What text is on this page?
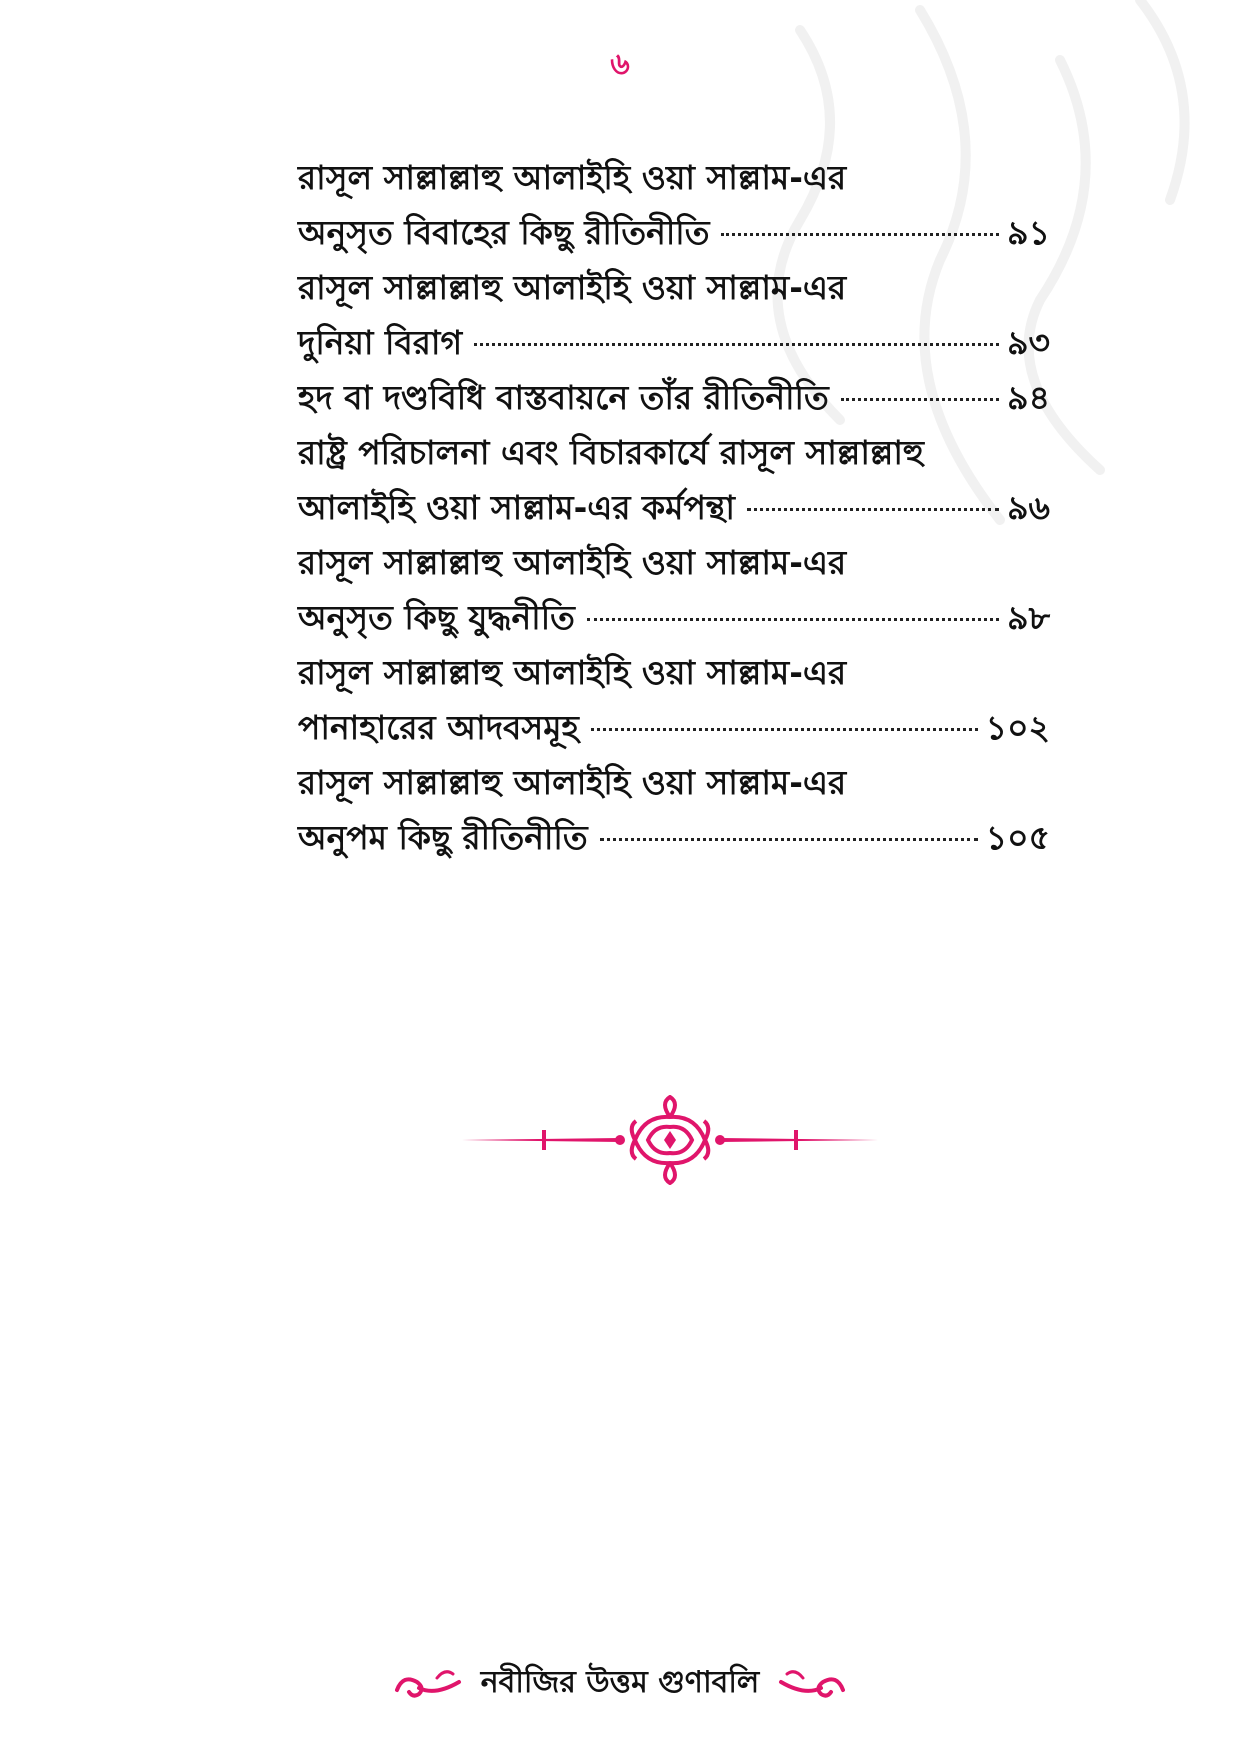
৬
রাসূল সাল্লাল্লাহু আলাইহি ওয়া সাল্লাম-এর
অনুসৃত বিবাহের কিছু রীতিনীতি	৯১
রাসূল সাল্লাল্লাহু আলাইহি ওয়া সাল্লাম-এর
দুনিয়া বিরাগ	৯৩
হদ বা দণ্ডবিধি বাস্তবায়নে তাঁর রীতিনীতি	৯৪
রাষ্ট্র পরিচালনা এবং বিচারকার্যে রাসূল সাল্লাল্লাহু
আলাইহি ওয়া সাল্লাম-এর কর্মপন্থা	৯৬
রাসূল সাল্লাল্লাহু আলাইহি ওয়া সাল্লাম-এর
অনুসৃত কিছু যুদ্ধনীতি	৯৮
রাসূল সাল্লাল্লাহু আলাইহি ওয়া সাল্লাম-এর
পানাহারের আদবসমূহ	১০২
রাসূল সাল্লাল্লাহু আলাইহি ওয়া সাল্লাম-এর
অনুপম কিছু রীতিনীতি	১০৫
নবীজির উত্তম গুণাবলি
